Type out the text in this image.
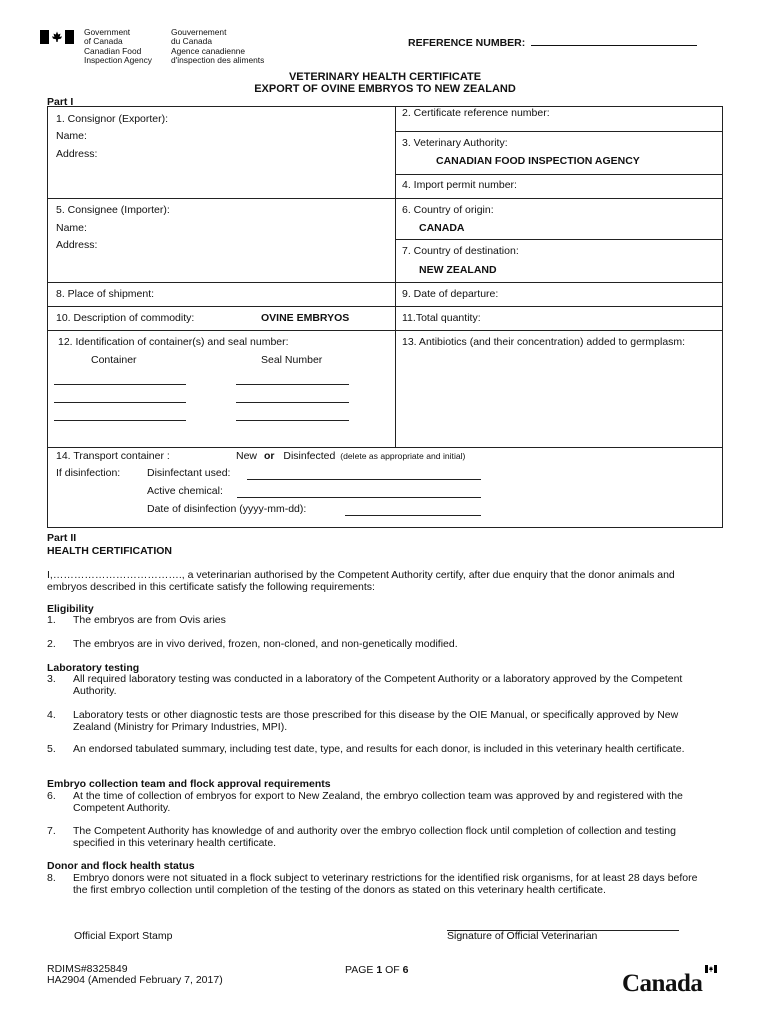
Government
of Canada
Gouvernement
du Canada
Canadian Food
Inspection Agency
Agence canadienne
d'inspection des aliments
REFERENCE NUMBER:
VETERINARY HEALTH CERTIFICATE
EXPORT OF OVINE EMBRYOS TO NEW ZEALAND
Part I
1. Consignor (Exporter):
Name:
Address:
5. Consignee (Importer):
Name:
Address:
8. Place of shipment:
10. Description of commodity:	OVINE EMBRYOS
12. Identification of container(s) and seal number:
Container	Seal Number
2. Certificate reference number:
3. Veterinary Authority:
CANADIAN FOOD INSPECTION AGENCY
4. Import permit number:
6. Country of origin:
CANADA
7. Country of destination:
NEW ZEALAND
9. Date of departure:
11.Total quantity:
13. Antibiotics (and their concentration) added to germplasm:
14. Transport container :	New or Disinfected (delete as appropriate and initial)
If disinfection:	Disinfectant used:
Active chemical:
Date of disinfection (yyyy-mm-dd):
Part II
HEALTH CERTIFICATION
I,………………………………., a veterinarian authorised by the Competent Authority certify, after due enquiry that the donor animals and embryos described in this certificate satisfy the following requirements:
Eligibility
1. The embryos are from Ovis aries
2. The embryos are in vivo derived, frozen, non-cloned, and non-genetically modified.
Laboratory testing
3. All required laboratory testing was conducted in a laboratory of the Competent Authority or a laboratory approved by the Competent Authority.
4. Laboratory tests or other diagnostic tests are those prescribed for this disease by the OIE Manual, or specifically approved by New Zealand (Ministry for Primary Industries, MPI).
5. An endorsed tabulated summary, including test date, type, and results for each donor, is included in this veterinary health certificate.
Embryo collection team and flock approval requirements
6. At the time of collection of embryos for export to New Zealand, the embryo collection team was approved by and registered with the Competent Authority.
7. The Competent Authority has knowledge of and authority over the embryo collection flock until completion of collection and testing specified in this veterinary health certificate.
Donor and flock health status
8. Embryo donors were not situated in a flock subject to veterinary restrictions for the identified risk organisms, for at least 28 days before the first embryo collection until completion of the testing of the donors as stated on this veterinary health certificate.
Official Export Stamp	Signature of Official Veterinarian
RDIMS#8325849
HA2904 (Amended February 7, 2017)
PAGE 1 OF 6	Canada
